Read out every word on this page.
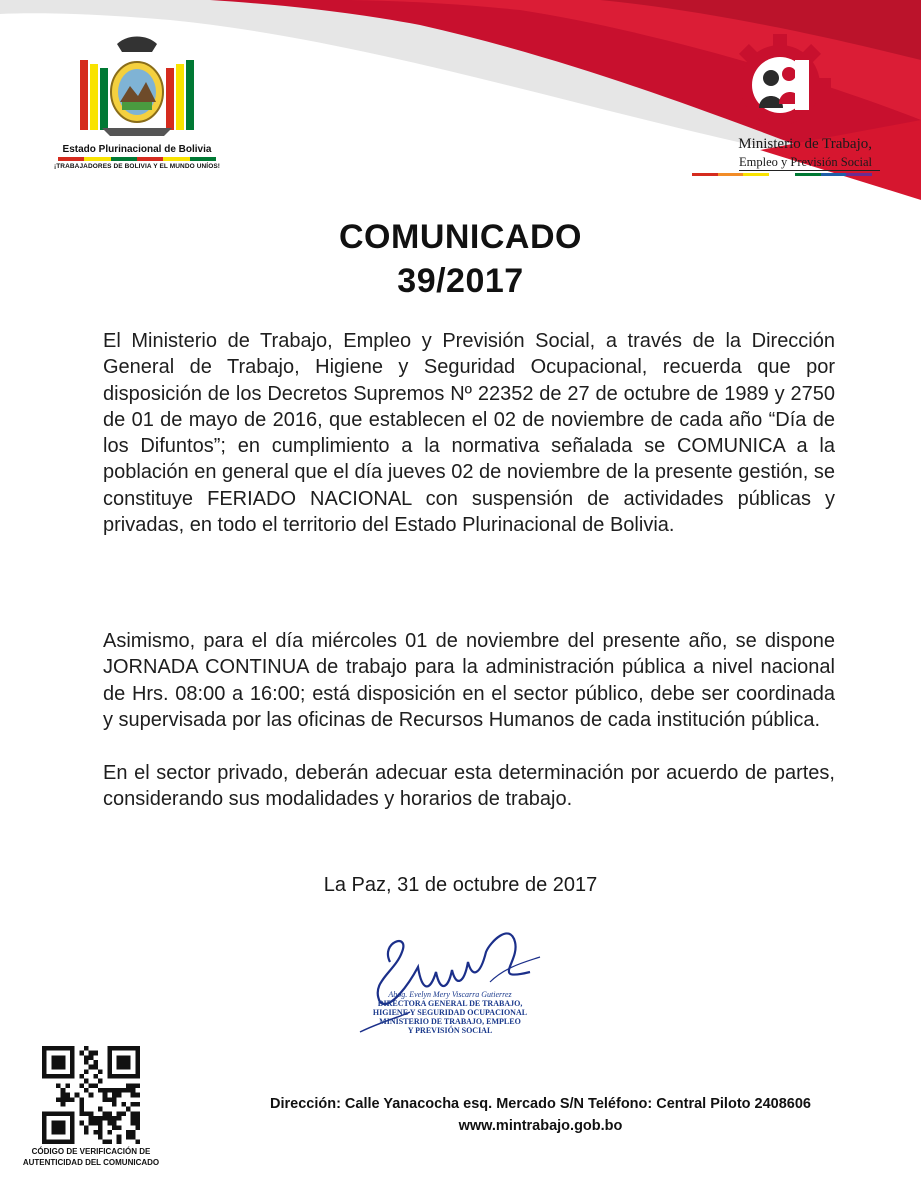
Estado Plurinacional de Bolivia
¡TRABAJADORES DE BOLIVIA Y EL MUNDO UNÍOS!
Ministerio de Trabajo,
Empleo y Previsión Social
COMUNICADO
39/2017
El Ministerio de Trabajo, Empleo y Previsión Social, a través de la Dirección General de Trabajo, Higiene y Seguridad Ocupacional, recuerda que por disposición de los Decretos Supremos Nº 22352 de 27 de octubre de 1989 y 2750 de 01 de mayo de 2016, que establecen el 02 de noviembre de cada año “Día de los Difuntos”; en cumplimiento a la normativa señalada se COMUNICA a la población en general que el día jueves 02 de noviembre de la presente gestión, se constituye FERIADO NACIONAL con suspensión de actividades públicas y privadas, en todo el territorio del Estado Plurinacional de Bolivia.
Asimismo, para el día miércoles 01 de noviembre del presente año, se dispone JORNADA CONTINUA de trabajo para la administración pública a nivel nacional de Hrs. 08:00 a 16:00; está disposición en el sector público, debe ser coordinada y supervisada por las oficinas de Recursos Humanos de cada institución pública.
En el sector privado, deberán adecuar esta determinación por acuerdo de partes, considerando sus modalidades y horarios de trabajo.
La Paz, 31 de octubre de 2017
Abog. Evelyn Mery Viscarra Gutierrez
DIRECTORA GENERAL DE TRABAJO,
HIGIENE Y SEGURIDAD OCUPACIONAL
MINISTERIO DE TRABAJO, EMPLEO
Y PREVISIÓN SOCIAL
CÓDIGO DE VERIFICACIÓN DE
AUTENTICIDAD DEL COMUNICADO
Dirección: Calle Yanacocha esq. Mercado S/N Teléfono: Central Piloto 2408606
www.mintrabajo.gob.bo
